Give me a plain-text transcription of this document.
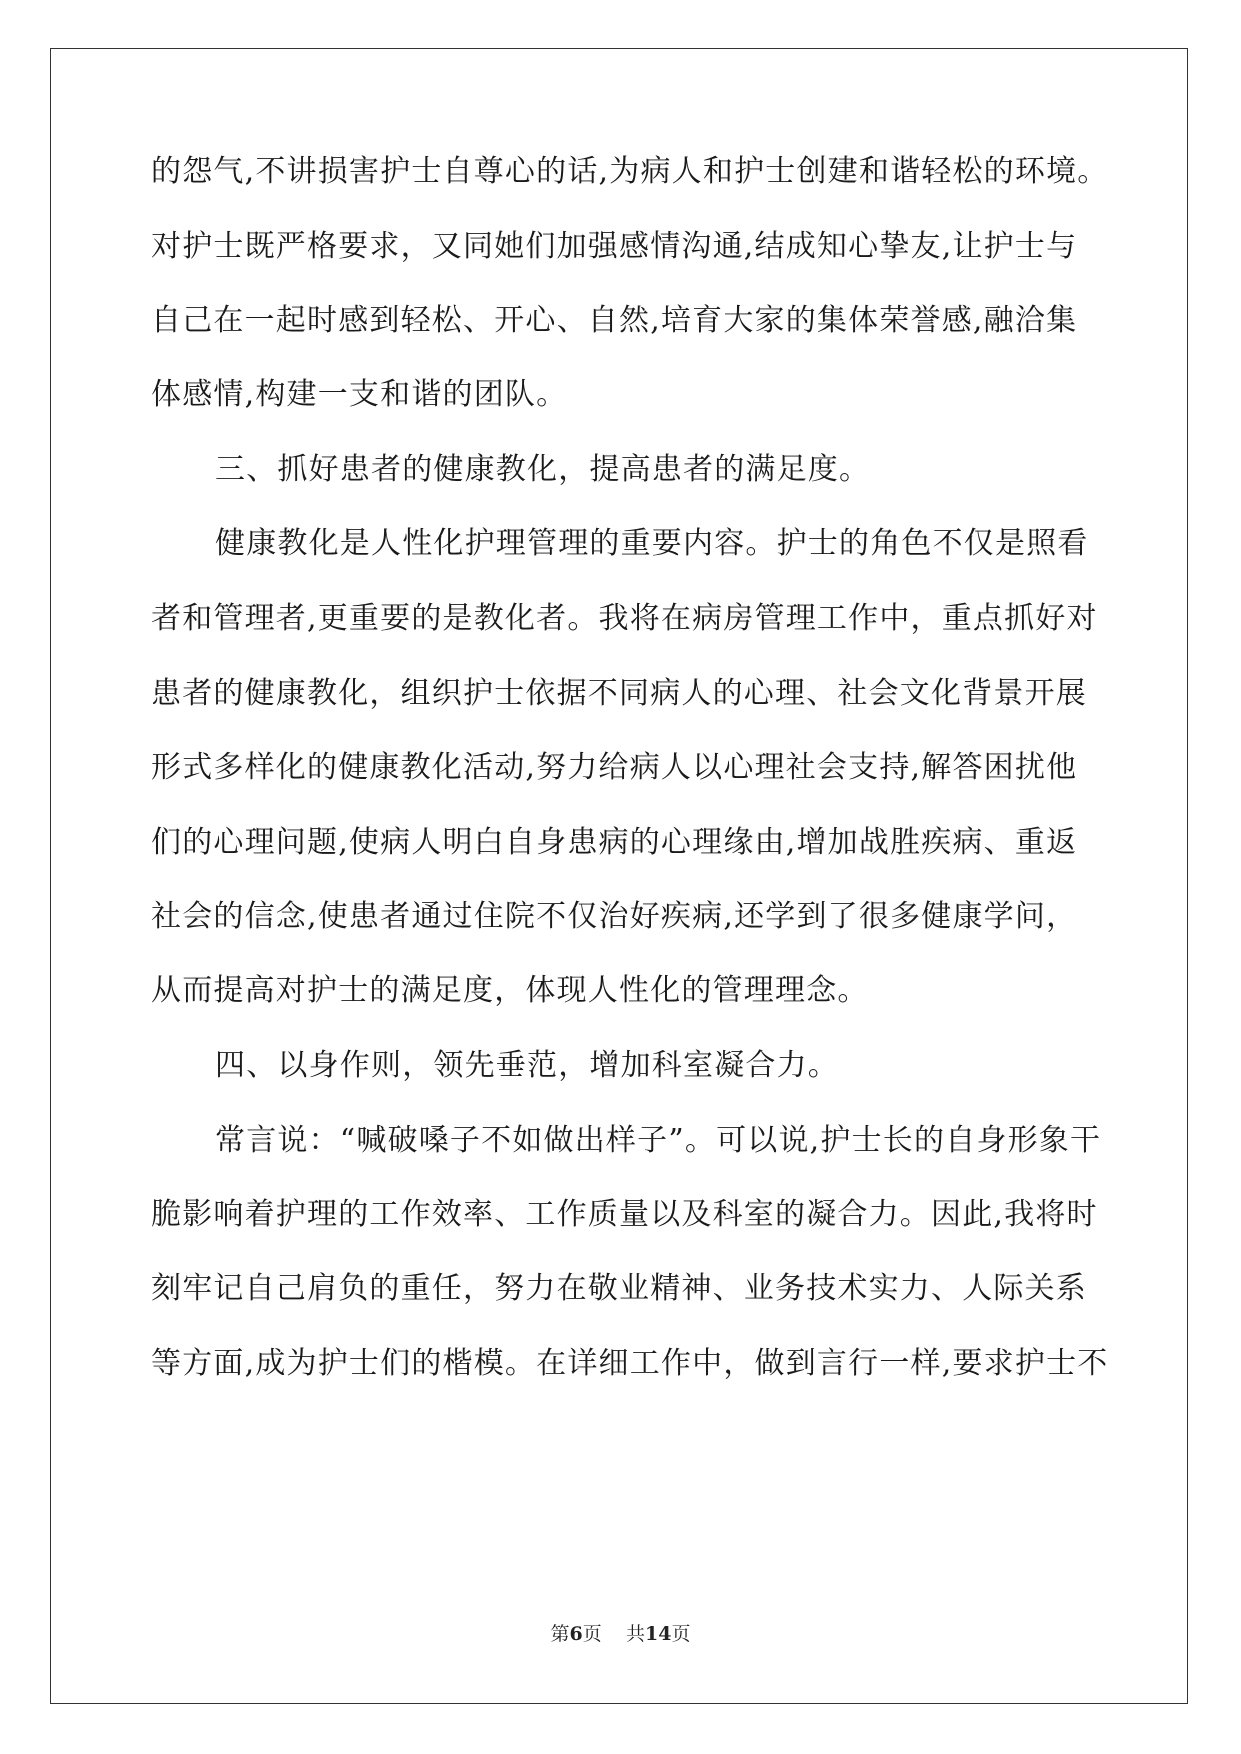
的怨气,不讲损害护士自尊心的话,为病人和护士创建和谐轻松的环境。
对护士既严格要求，又同她们加强感情沟通,结成知心挚友,让护士与
自己在一起时感到轻松、开心、自然,培育大家的集体荣誉感,融洽集
体感情,构建一支和谐的团队。
三、抓好患者的健康教化，提高患者的满足度。
健康教化是人性化护理管理的重要内容。护士的角色不仅是照看
者和管理者,更重要的是教化者。我将在病房管理工作中，重点抓好对
患者的健康教化，组织护士依据不同病人的心理、社会文化背景开展
形式多样化的健康教化活动,努力给病人以心理社会支持,解答困扰他
们的心理问题,使病人明白自身患病的心理缘由,增加战胜疾病、重返
社会的信念,使患者通过住院不仅治好疾病,还学到了很多健康学问，
从而提高对护士的满足度，体现人性化的管理理念。
四、以身作则，领先垂范，增加科室凝合力。
常言说：“喊破嗓子不如做出样子”。可以说,护士长的自身形象干
脆影响着护理的工作效率、工作质量以及科室的凝合力。因此,我将时
刻牢记自己肩负的重任，努力在敬业精神、业务技术实力、人际关系
等方面,成为护士们的楷模。在详细工作中，做到言行一样,要求护士不
第6页 共14页
